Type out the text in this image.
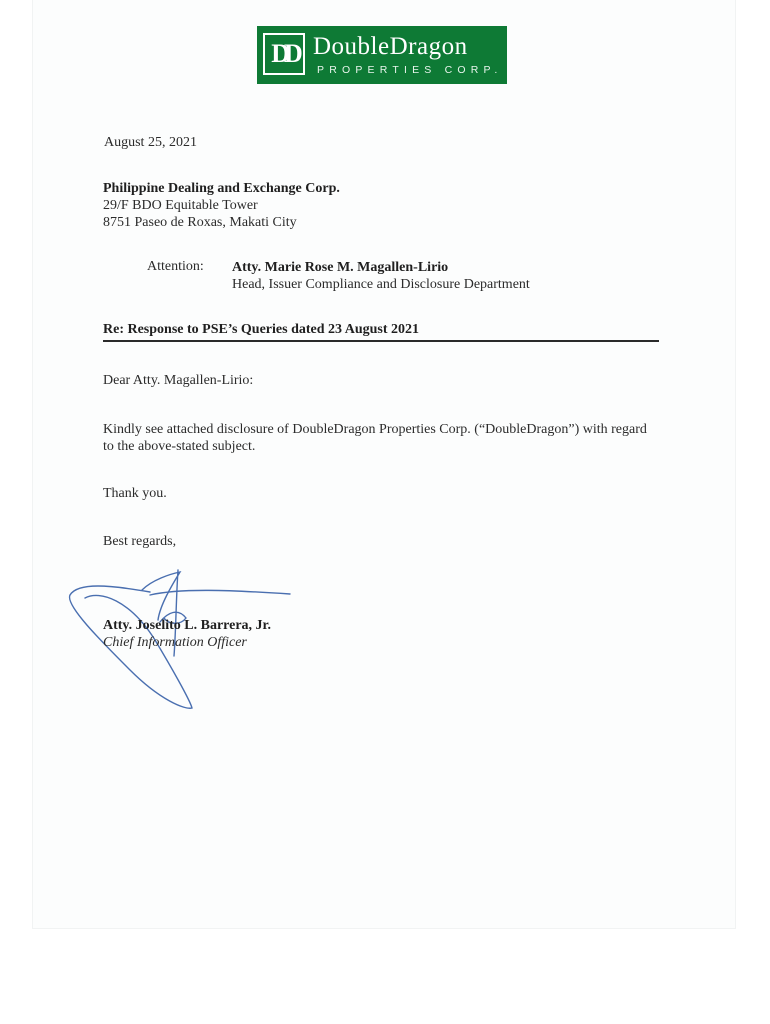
DD DoubleDragon
PROPERTIES CORP.
August 25, 2021
Philippine Dealing and Exchange Corp.
29/F BDO Equitable Tower
8751 Paseo de Roxas, Makati City
Attention: Atty. Marie Rose M. Magallen-Lirio
Head, Issuer Compliance and Disclosure Department
Re: Response to PSE’s Queries dated 23 August 2021
Dear Atty. Magallen-Lirio:
Kindly see attached disclosure of DoubleDragon Properties Corp. (“DoubleDragon”) with regard
to the above-stated subject.
Thank you.
Best regards,
Atty. Joselito L. Barrera, Jr.
Chief Information Officer
